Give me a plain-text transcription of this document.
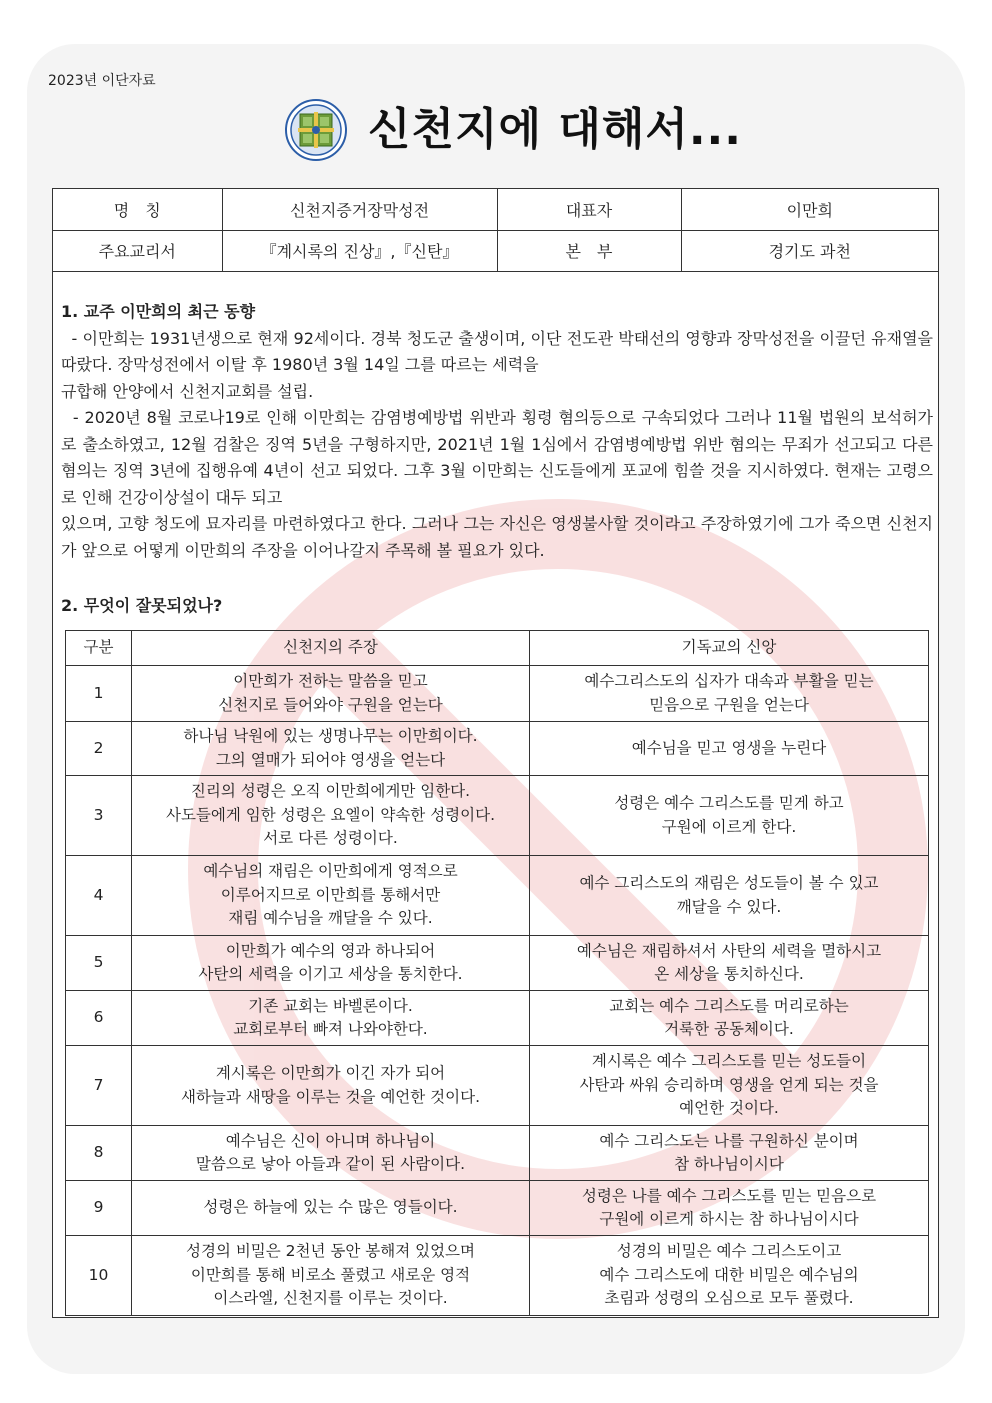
2023년 이단자료
신천지에 대해서...
명　칭	신천지증거장막성전	대표자	이만희
주요교리서	『계시록의 진상』,『신탄』	본　부	경기도 과천

1. 교주 이만희의 최근 동향

- 이만희는 1931년생으로 현재 92세이다. 경북 청도군 출생이며, 이단 전도관 박태선의 영향과 장막성전을 이끌던 유재열을 따랐다. 장막성전에서 이탈 후 1980년 3월 14일 그를 따르는 세력을
규합해 안양에서 신천지교회를 설립.

- 2020년 8월 코로나19로 인해 이만희는 감염병예방법 위반과 횡령 혐의등으로 구속되었다 그러나 11월 법원의 보석허가로 출소하였고, 12월 검찰은 징역 5년을 구형하지만, 2021년 1월 1심에서 감염병예방법 위반 혐의는 무죄가 선고되고 다른 혐의는 징역 3년에 집행유예 4년이 선고 되었다. 그후 3월 이만희는 신도들에게 포교에 힘쓸 것을 지시하였다. 현재는 고령으로 인해 건강이상설이 대두 되고
있으며, 고향 청도에 묘자리를 마련하였다고 한다. 그러나 그는 자신은 영생불사할 것이라고 주장하였기에 그가 죽으면 신천지가 앞으로 어떻게 이만희의 주장을 이어나갈지 주목해 볼 필요가 있다.

2. 무엇이 잘못되었나?
구분	신천지의 주장	기독교의 신앙
1	이만희가 전하는 말씀을 믿고
신천지로 들어와야 구원을 얻는다	예수그리스도의 십자가 대속과 부활을 믿는
믿음으로 구원을 얻는다

2	하나님 낙원에 있는 생명나무는 이만희이다.
그의 열매가 되어야 영생을 얻는다	예수님을 믿고 영생을 누린다

3	진리의 성령은 오직 이만희에게만 임한다.
사도들에게 임한 성령은 요엘이 약속한 성령이다.
서로 다른 성령이다.	성령은 예수 그리스도를 믿게 하고
구원에 이르게 한다.

4	예수님의 재림은 이만희에게 영적으로
이루어지므로 이만희를 통해서만
재림 예수님을 깨달을 수 있다.	예수 그리스도의 재림은 성도들이 볼 수 있고
깨달을 수 있다.

5	이만희가 예수의 영과 하나되어
사탄의 세력을 이기고 세상을 통치한다.	예수님은 재림하셔서 사탄의 세력을 멸하시고
온 세상을 통치하신다.

6	기존 교회는 바벨론이다.
교회로부터 빠져 나와야한다.	교회는 예수 그리스도를 머리로하는
거룩한 공동체이다.

7	계시록은 이만희가 이긴 자가 되어
새하늘과 새땅을 이루는 것을 예언한 것이다.	계시록은 예수 그리스도를 믿는 성도들이
사탄과 싸워 승리하며 영생을 얻게 되는 것을
예언한 것이다.

8	예수님은 신이 아니며 하나님이
말씀으로 낳아 아들과 같이 된 사람이다.	예수 그리스도는 나를 구원하신 분이며
참 하나님이시다

9	성령은 하늘에 있는 수 많은 영들이다.	성령은 나를 예수 그리스도를 믿는 믿음으로
구원에 이르게 하시는 참 하나님이시다

10	성경의 비밀은 2천년 동안 봉해져 있었으며
이만희를 통해 비로소 풀렸고 새로운 영적
이스라엘, 신천지를 이루는 것이다.	성경의 비밀은 예수 그리스도이고
예수 그리스도에 대한 비밀은 예수님의
초림과 성령의 오심으로 모두 풀렸다.
